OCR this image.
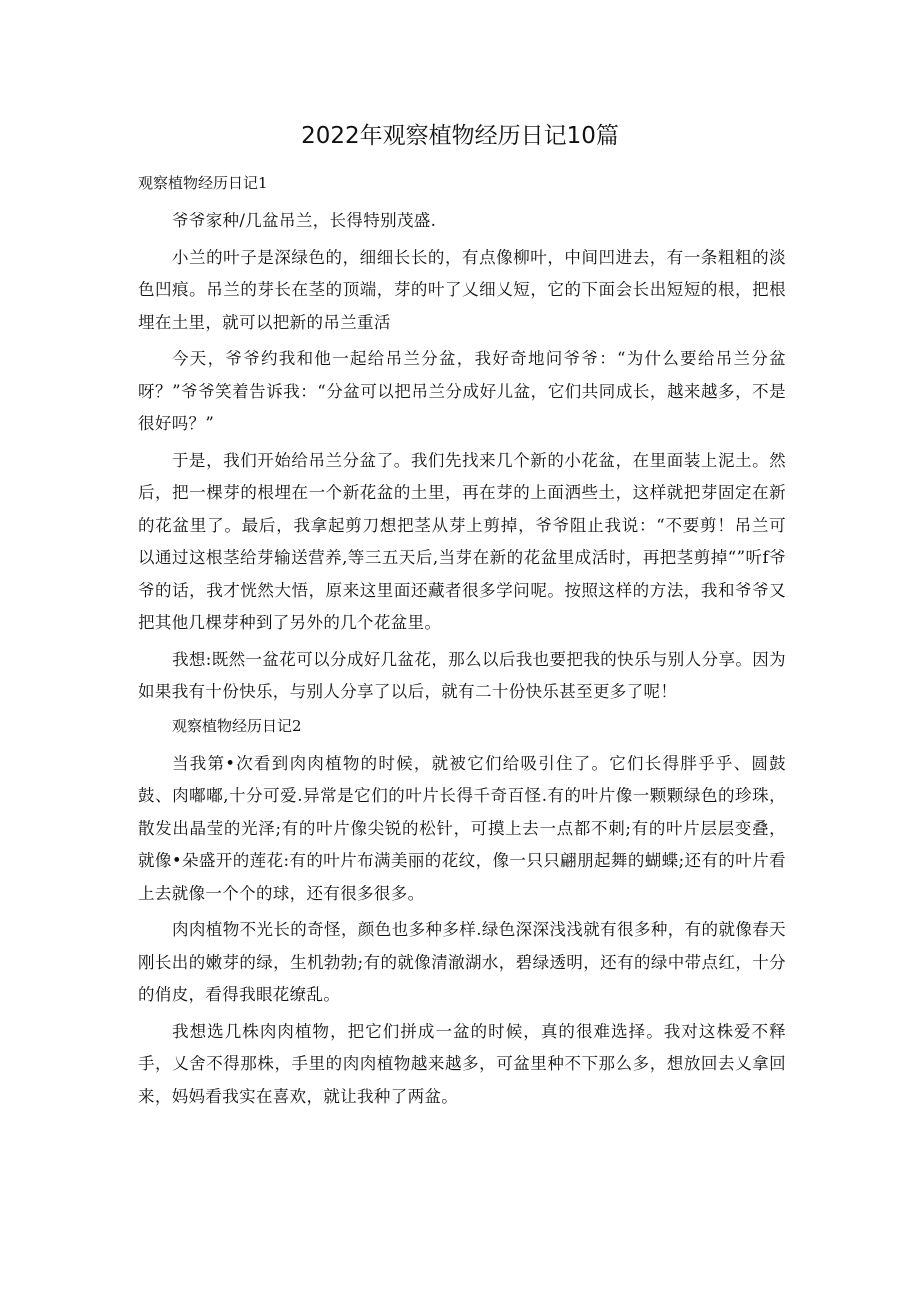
2022年观察植物经历日记10篇
观察植物经历日记1

爷爷家种/几盆吊兰，长得特别茂盛.

小兰的叶子是深绿色的，细细长长的，有点像柳叶，中间凹进去，有一条粗粗的淡色凹痕。吊兰的芽长在茎的顶端，芽的叶了乂细乂短，它的下面会长出短短的根，把根埋在土里，就可以把新的吊兰重活

今天，爷爷约我和他一起给吊兰分盆，我好奇地问爷爷：“为什么要给吊兰分盆呀？”爷爷笑着告诉我：“分盆可以把吊兰分成好儿盆，它们共同成长，越来越多，不是很好吗？”

于是，我们开始给吊兰分盆了。我们先找来几个新的小花盆，在里面装上泥土。然后，把一棵芽的根埋在一个新花盆的土里，再在芽的上面洒些土，这样就把芽固定在新的花盆里了。最后，我拿起剪刀想把茎从芽上剪掉，爷爷阻止我说：“不要剪！吊兰可以通过这根茎给芽输送营养,等三五天后,当芽在新的花盆里成活时，再把茎剪掉“”听f爷爷的话，我才恍然大悟，原来这里面还藏者很多学问呢。按照这样的方法，我和爷爷又把其他几棵芽种到了另外的几个花盆里。

我想:既然一盆花可以分成好几盆花，那么以后我也要把我的快乐与别人分享。因为如果我有十份快乐，与别人分享了以后，就有二十份快乐甚至更多了呢！

观察植物经历日记2

当我第•次看到肉肉植物的时候，就被它们给吸引住了。它们长得胖乎乎、圆鼓鼓、肉嘟嘟,十分可爱.异常是它们的叶片长得千奇百怪.有的叶片像一颗颗绿色的珍珠，散发出晶莹的光泽;有的叶片像尖锐的松针，可摸上去一点都不刺;有的叶片层层变叠，就像•朵盛开的莲花:有的叶片布满美丽的花纹，像一只只翩朋起舞的蝴蝶;还有的叶片看上去就像一个个的球，还有很多很多。

肉肉植物不光长的奇怪，颜色也多种多样.绿色深深浅浅就有很多种，有的就像春天刚长出的嫩芽的绿，生机勃勃;有的就像清澈湖水，碧绿透明，还有的绿中带点红，十分的俏皮，看得我眼花缭乱。

我想选几株肉肉植物，把它们拼成一盆的时候，真的很难选择。我对这株爱不释手，乂舍不得那株，手里的肉肉植物越来越多，可盆里种不下那么多，想放回去乂拿回来，妈妈看我实在喜欢，就让我种了两盆。
